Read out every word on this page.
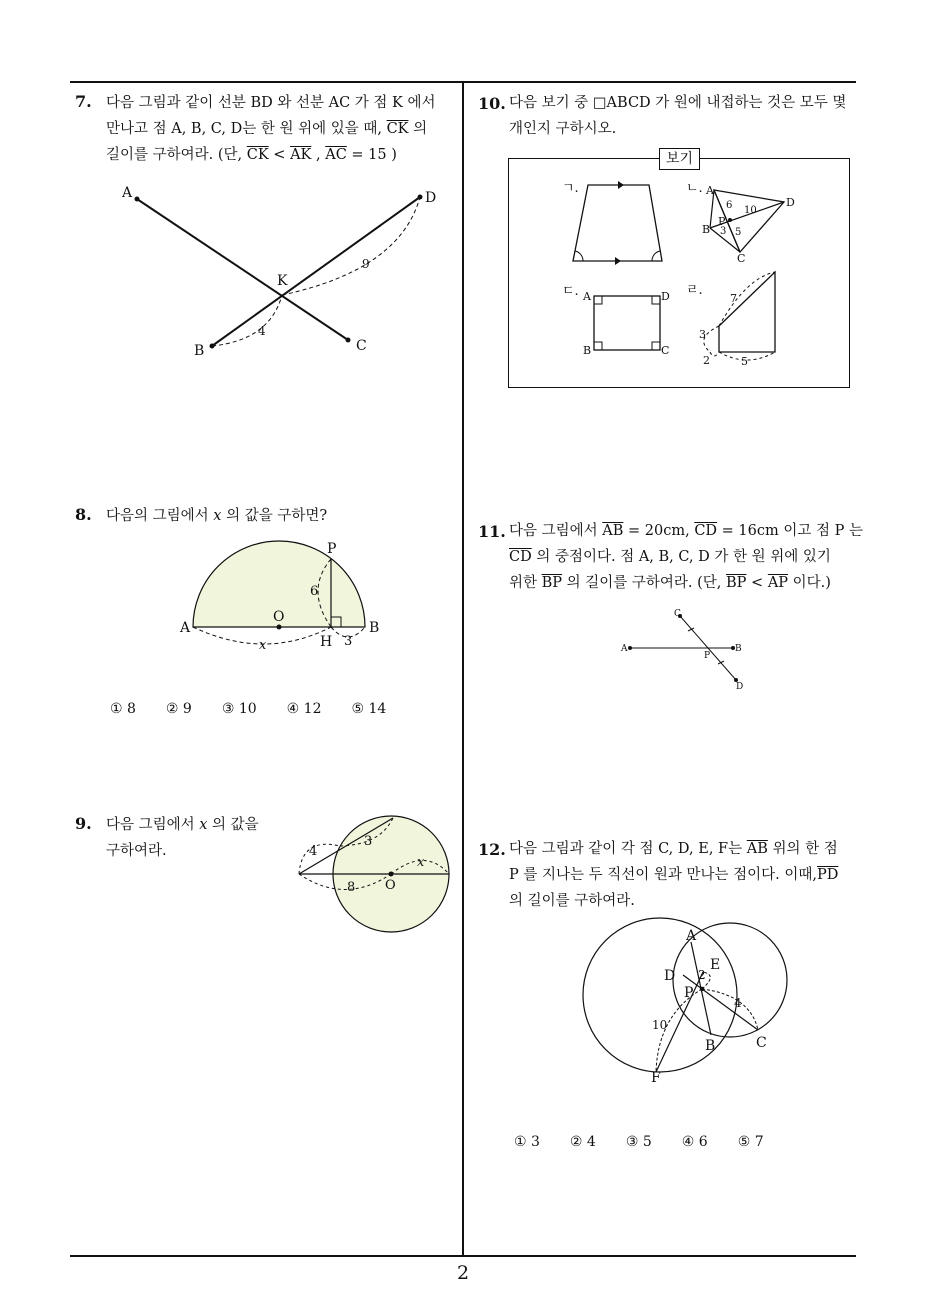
7. 다음 그림과 같이 선분 BD 와 선분 AC 가 점 K 에서
만나고 점 A, B, C, D는 한 원 위에 있을 때, $\overline{CK}$ 의
길이를 구하여라. (단, $\overline{CK} < \overline{AK}$ , $\overline{AC} = 15$ )
A
B	C
D
K
4
9
8. 다음의 그림에서 x 의 값을 구하면?
A	B
O
H
P
6
3
x
① 8 ② 9 ③ 10 ④ 12 ⑤ 14
9. 다음 그림에서 x 의 값을
구하여라.	4
3
8
x
O
10. 다음 보기 중 □ABCD 가 원에 내접하는 것은 모두 몇
개인지 구하시오.
보기
ㄱ.	ㄴ. A
B
C
D
P
6 10
3 5
ㄷ. A
B	C
D ㄹ.
7
3
2	5
11. 다음 그림에서 $\overline{AB} = 20cm$, $\overline{CD} = 16cm$ 이고 점 P 는
$\overline{CD}$ 의 중점이다. 점 A, B, C, D 가 한 원 위에 있기
위한 $\overline{BP}$ 의 길이를 구하여라. (단, $\overline{BP} < \overline{AP}$ 이다.)
A	B
C
D
P
12. 다음 그림과 같이 각 점 C, D, E, F는 $\overline{AB}$ 위의 한 점
P 를 지나는 두 직선이 원과 만나는 점이다. 이때$,\overline{PD}$
의 길이를 구하여라.
A
B	C
D
E
F
P
2
4
10
① 3 ② 4 ③ 5 ④ 6 ⑤ 7
2
